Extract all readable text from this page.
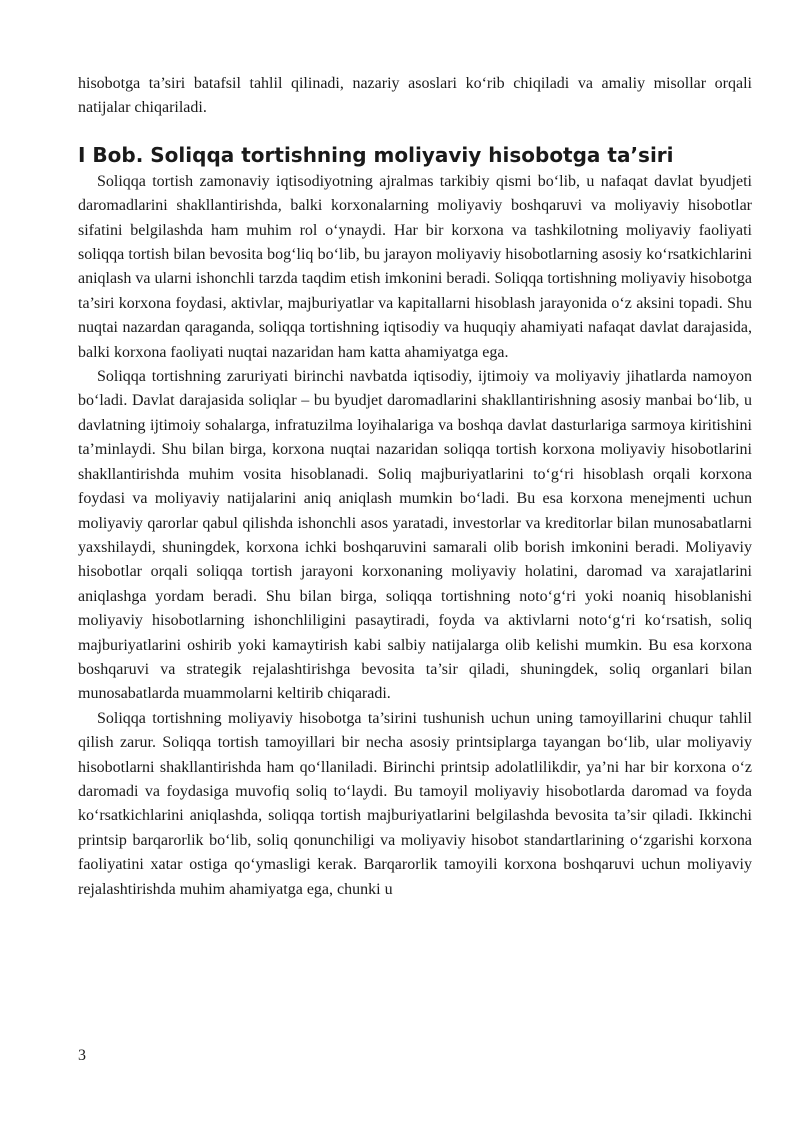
hisobotga ta’siri batafsil tahlil qilinadi, nazariy asoslari ko‘rib chiqiladi va amaliy misollar orqali natijalar chiqariladi.

I Bob. Soliqqa tortishning moliyaviy hisobotga ta’siri

Soliqqa tortish zamonaviy iqtisodiyotning ajralmas tarkibiy qismi bo‘lib, u nafaqat davlat byudjeti daromadlarini shakllantirishda, balki korxonalarning moliyaviy boshqaruvi va moliyaviy hisobotlar sifatini belgilashda ham muhim rol o‘ynaydi. Har bir korxona va tashkilotning moliyaviy faoliyati soliqqa tortish bilan bevosita bog‘liq bo‘lib, bu jarayon moliyaviy hisobotlarning asosiy ko‘rsatkichlarini aniqlash va ularni ishonchli tarzda taqdim etish imkonini beradi. Soliqqa tortishning moliyaviy hisobotga ta’siri korxona foydasi, aktivlar, majburiyatlar va kapitallarni hisoblash jarayonida o‘z aksini topadi. Shu nuqtai nazardan qaraganda, soliqqa tortishning iqtisodiy va huquqiy ahamiyati nafaqat davlat darajasida, balki korxona faoliyati nuqtai nazaridan ham katta ahamiyatga ega.

Soliqqa tortishning zaruriyati birinchi navbatda iqtisodiy, ijtimoiy va moliyaviy jihatlarda namoyon bo‘ladi. Davlat darajasida soliqlar – bu byudjet daromadlarini shakllantirishning asosiy manbai bo‘lib, u davlatning ijtimoiy sohalarga, infratuzilma loyihalariga va boshqa davlat dasturlariga sarmoya kiritishini ta’minlaydi. Shu bilan birga, korxona nuqtai nazaridan soliqqa tortish korxona moliyaviy hisobotlarini shakllantirishda muhim vosita hisoblanadi. Soliq majburiyatlarini to‘g‘ri hisoblash orqali korxona foydasi va moliyaviy natijalarini aniq aniqlash mumkin bo‘ladi. Bu esa korxona menejmenti uchun moliyaviy qarorlar qabul qilishda ishonchli asos yaratadi, investorlar va kreditorlar bilan munosabatlarni yaxshilaydi, shuningdek, korxona ichki boshqaruvini samarali olib borish imkonini beradi. Moliyaviy hisobotlar orqali soliqqa tortish jarayoni korxonaning moliyaviy holatini, daromad va xarajatlarini aniqlashga yordam beradi. Shu bilan birga, soliqqa tortishning noto‘g‘ri yoki noaniq hisoblanishi moliyaviy hisobotlarning ishonchliligini pasaytiradi, foyda va aktivlarni noto‘g‘ri ko‘rsatish, soliq majburiyatlarini oshirib yoki kamaytirish kabi salbiy natijalarga olib kelishi mumkin. Bu esa korxona boshqaruvi va strategik rejalashtirishga bevosita ta’sir qiladi, shuningdek, soliq organlari bilan munosabatlarda muammolarni keltirib chiqaradi.

Soliqqa tortishning moliyaviy hisobotga ta’sirini tushunish uchun uning tamoyillarini chuqur tahlil qilish zarur. Soliqqa tortish tamoyillari bir necha asosiy printsiplarga tayangan bo‘lib, ular moliyaviy hisobotlarni shakllantirishda ham qo‘llaniladi. Birinchi printsip adolatlilikdir, ya’ni har bir korxona o‘z daromadi va foydasiga muvofiq soliq to‘laydi. Bu tamoyil moliyaviy hisobotlarda daromad va foyda ko‘rsatkichlarini aniqlashda, soliqqa tortish majburiyatlarini belgilashda bevosita ta’sir qiladi. Ikkinchi printsip barqarorlik bo‘lib, soliq qonunchiligi va moliyaviy hisobot standartlarining o‘zgarishi korxona faoliyatini xatar ostiga qo‘ymasligi kerak. Barqarorlik tamoyili korxona boshqaruvi uchun moliyaviy rejalashtirishda muhim ahamiyatga ega, chunki u

3
